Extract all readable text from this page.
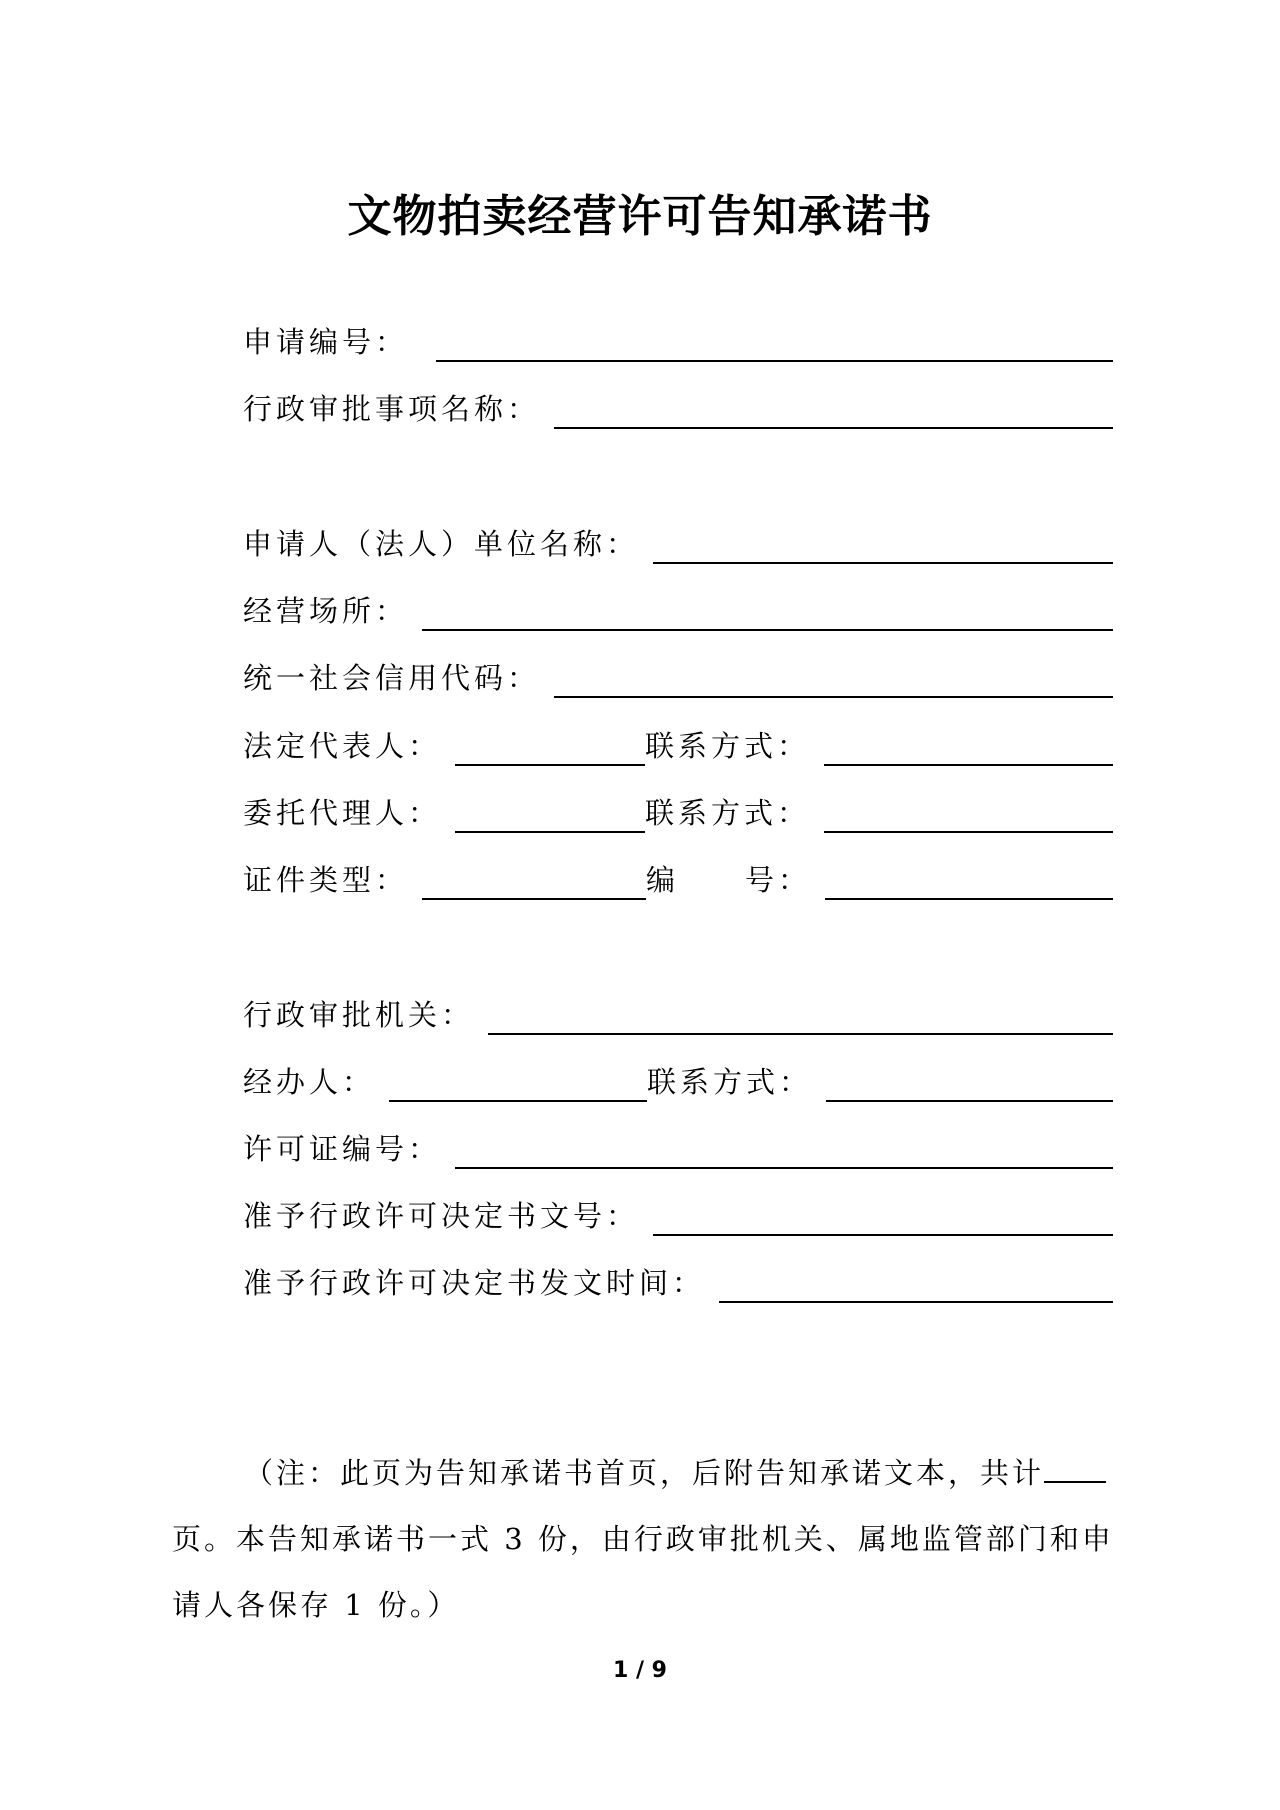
文物拍卖经营许可告知承诺书
申请编号：
行政审批事项名称：
申请人（法人）单位名称：
经营场所：
统一社会信用代码：
法定代表人：	联系方式：
委托代理人：	联系方式：
证件类型：	编　　号：
行政审批机关：
经办人：	联系方式：
许可证编号：
准予行政许可决定书文号：
准予行政许可决定书发文时间：
（注：此页为告知承诺书首页，后附告知承诺文本，共计页。本告知承诺书一式 3 份，由行政审批机关、属地监管部门和申请人各保存 1 份。）
1 / 9
